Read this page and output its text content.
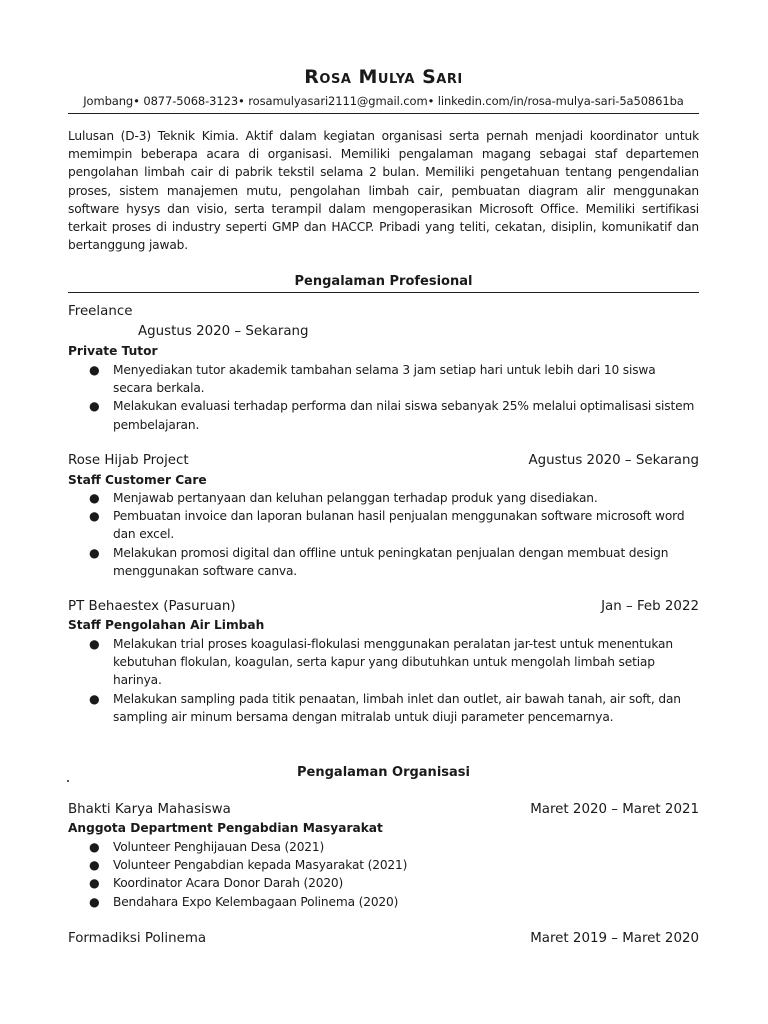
Rosa Mulya Sari
Jombang• 0877-5068-3123• rosamulyasari2111@gmail.com• linkedin.com/in/rosa-mulya-sari-5a50861ba
Lulusan (D-3) Teknik Kimia. Aktif dalam kegiatan organisasi serta pernah menjadi koordinator untuk memimpin beberapa acara di organisasi. Memiliki pengalaman magang sebagai staf departemen pengolahan limbah cair di pabrik tekstil selama 2 bulan. Memiliki pengetahuan tentang pengendalian proses, sistem manajemen mutu, pengolahan limbah cair, pembuatan diagram alir menggunakan software hysys dan visio, serta terampil dalam mengoperasikan Microsoft Office. Memiliki sertifikasi terkait proses di industry seperti GMP dan HACCP. Pribadi yang teliti, cekatan, disiplin, komunikatif dan bertanggung jawab.
Pengalaman Profesional
Freelance
Agustus 2020 – Sekarang
Private Tutor
● Menyediakan tutor akademik tambahan selama 3 jam setiap hari untuk lebih dari 10 siswa secara berkala.
● Melakukan evaluasi terhadap performa dan nilai siswa sebanyak 25% melalui optimalisasi sistem pembelajaran.
Rose Hijab Project	Agustus 2020 – Sekarang
Staff Customer Care
● Menjawab pertanyaan dan keluhan pelanggan terhadap produk yang disediakan.
● Pembuatan invoice dan laporan bulanan hasil penjualan menggunakan software microsoft word dan excel.
● Melakukan promosi digital dan offline untuk peningkatan penjualan dengan membuat design menggunakan software canva.
PT Behaestex (Pasuruan)	Jan – Feb 2022
Staff Pengolahan Air Limbah
● Melakukan trial proses koagulasi-flokulasi menggunakan peralatan jar-test untuk menentukan kebutuhan flokulan, koagulan, serta kapur yang dibutuhkan untuk mengolah limbah setiap harinya.
● Melakukan sampling pada titik penaatan, limbah inlet dan outlet, air bawah tanah, air soft, dan sampling air minum bersama dengan mitralab untuk diuji parameter pencemarnya.
Pengalaman Organisasi
Bhakti Karya Mahasiswa	Maret 2020 – Maret 2021
Anggota Department Pengabdian Masyarakat
● Volunteer Penghijauan Desa (2021)
● Volunteer Pengabdian kepada Masyarakat (2021)
● Koordinator Acara Donor Darah (2020)
● Bendahara Expo Kelembagaan Polinema (2020)
Formadiksi Polinema	Maret 2019 – Maret 2020
